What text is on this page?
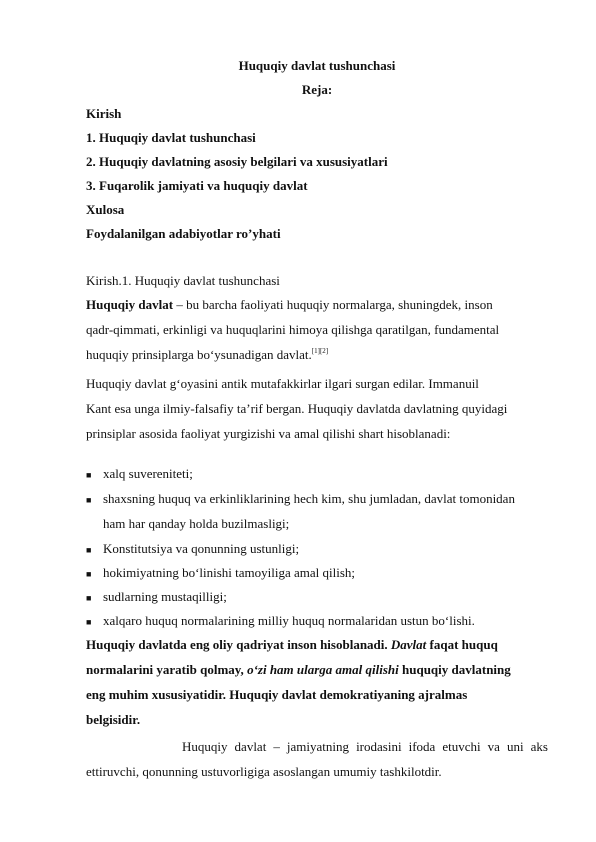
Huquqiy davlat tushunchasi
Reja:
Kirish
1. Huquqiy davlat tushunchasi
2. Huquqiy davlatning asosiy belgilari va xususiyatlari
3. Fuqarolik jamiyati va huquqiy davlat
Xulosa
Foydalanilgan adabiyotlar ro’yhati
Kirish.1. Huquqiy davlat tushunchasi
Huquqiy davlat – bu barcha faoliyati huquqiy normalarga, shuningdek, inson
qadr-qimmati, erkinligi va huquqlarini himoya qilishga qaratilgan, fundamental
huquqiy prinsiplarga bo‘ysunadigan davlat.[1][2]
Huquqiy davlat g‘oyasini antik mutafakkirlar ilgari surgan edilar. Immanuil
Kant esa unga ilmiy-falsafiy ta’rif bergan. Huquqiy davlatda davlatning quyidagi
prinsiplar asosida faoliyat yurgizishi va amal qilishi shart hisoblanadi:
■ xalq suvereniteti;
■ shaxsning huquq va erkinliklarining hech kim, shu jumladan, davlat tomonidan
ham har qanday holda buzilmasligi;
■ Konstitutsiya va qonunning ustunligi;
■ hokimiyatning bo‘linishi tamoyiliga amal qilish;
■ sudlarning mustaqilligi;
■ xalqaro huquq normalarining milliy huquq normalaridan ustun bo‘lishi.
Huquqiy davlatda eng oliy qadriyat inson hisoblanadi. Davlat faqat huquq
normalarini yaratib qolmay, o‘zi ham ularga amal qilishi huquqiy davlatning
eng muhim xususiyatidir. Huquqiy davlat demokratiyaning ajralmas
belgisidir.
Huquqiy davlat – jamiyatning irodasini ifoda etuvchi va uni aks
ettiruvchi, qonunning ustuvorligiga asoslangan umumiy tashkilotdir.
